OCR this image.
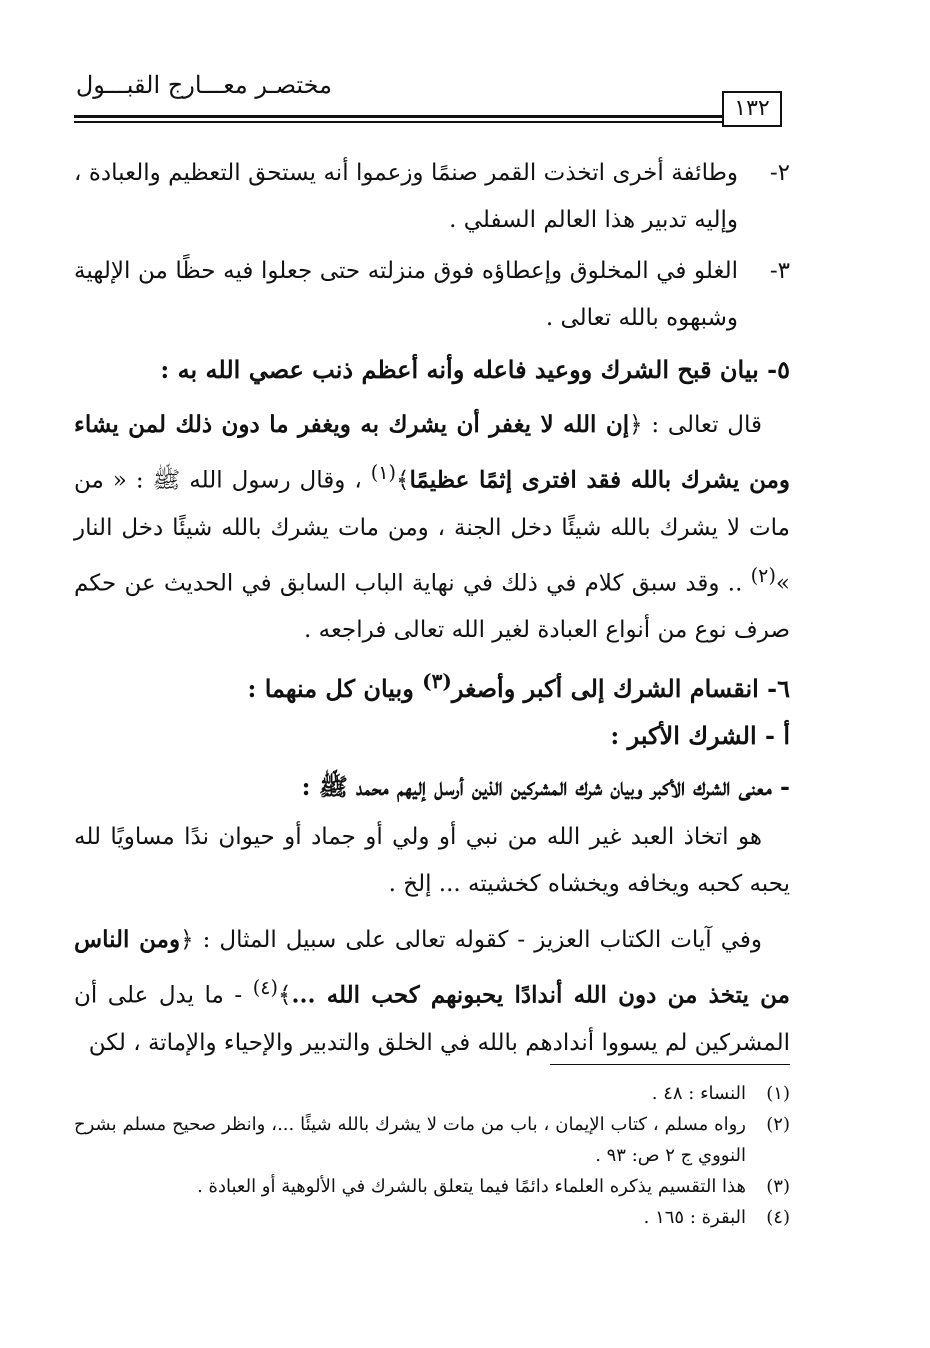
مختصـر معـــارج القبـــول
١٣٢

٢-وطائفة أخرى اتخذت القمر صنمًا وزعموا أنه يستحق التعظيم والعبادة ، وإليه تدبير هذا العالم السفلي .

٣-الغلو في المخلوق وإعطاؤه فوق منزلته حتى جعلوا فيه حظًا من الإلهية وشبهوه بالله تعالى .

٥- بيان قبح الشرك ووعيد فاعله وأنه أعظم ذنب عصي الله به :

قال تعالى : ﴿إن الله لا يغفر أن يشرك به ويغفر ما دون ذلك لمن يشاء ومن يشرك بالله فقد افترى إثمًا عظيمًا﴾$^{(١)}$ ، وقال رسول الله ﷺ : « من مات لا يشرك بالله شيئًا دخل الجنة ، ومن مات يشرك بالله شيئًا دخل النار »$^{(٢)}$ .. وقد سبق كلام في ذلك في نهاية الباب السابق في الحديث عن حكم صرف نوع من أنواع العبادة لغير الله تعالى فراجعه .

٦- انقسام الشرك إلى أكبر وأصغر$^{(٣)}$ وبيان كل منهما :

أ - الشرك الأكبر :

- معنى الشرك الأكبر وبيان شرك المشركين الذين أرسل إليهم محمد ﷺ :

هو اتخاذ العبد غير الله من نبي أو ولي أو جماد أو حيوان ندًا مساويًا لله يحبه كحبه ويخافه ويخشاه كخشيته ... إلخ .

وفي آيات الكتاب العزيز - كقوله تعالى على سبيل المثال : ﴿ومن الناس من يتخذ من دون الله أندادًا يحبونهم كحب الله ...﴾$^{(٤)}$ - ما يدل على أن المشركين لم يسووا أندادهم بالله في الخلق والتدبير والإحياء والإماتة ، لكن

(١)النساء : ٤٨ .

(٢)رواه مسلم ، كتاب الإيمان ، باب من مات لا يشرك بالله شيئًا ...، وانظر صحيح مسلم بشرح النووي ج ٢ ص: ٩٣ .

(٣)هذا التقسيم يذكره العلماء دائمًا فيما يتعلق بالشرك في الألوهية أو العبادة .

(٤)البقرة : ١٦٥ .
